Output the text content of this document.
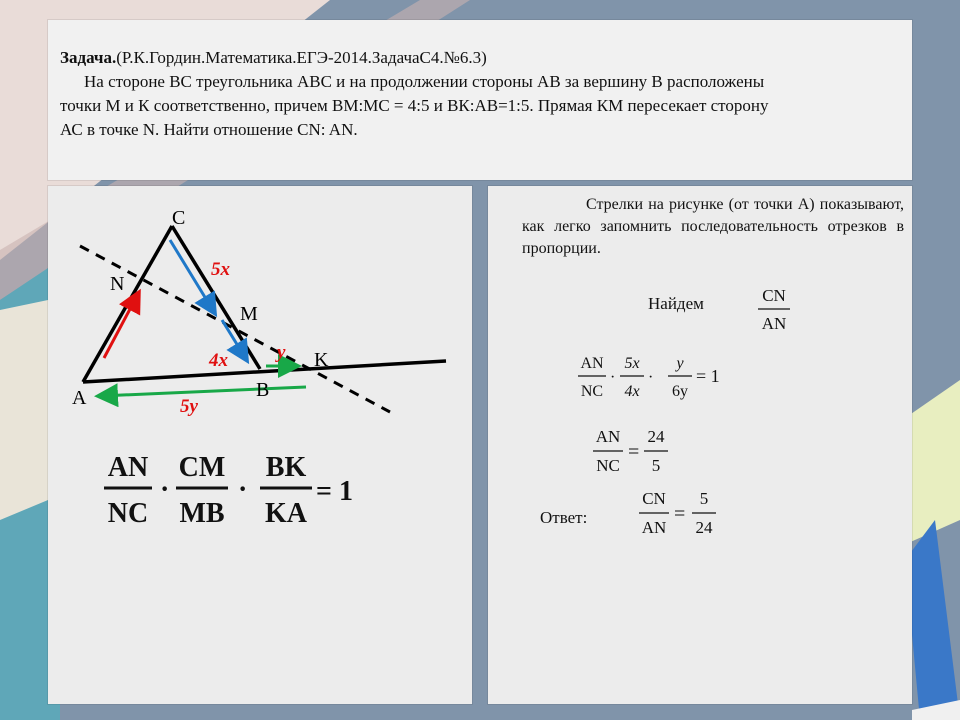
Задача.(Р.К.Гордин.Математика.ЕГЭ-2014.ЗадачаС4.№6.3)
На стороне ВС треугольника АВС и на продолжении стороны АВ за вершину В расположены
точки М и К соответственно, причем ВМ:МС = 4:5 и ВК:АВ=1:5. Прямая КМ пересекает сторону
АС в точке N. Найти отношение CN: AN.
C
N
M
K
A	B
5x
4x	y
5y
AN
NC
·
CM
MB
·
BK
KA
= 1
Стрелки на рисунке (от точки А) показывают, как легко запомнить последовательность отрезков в пропорции.
Найдем	CN
AN
AN
NC
·
5x
4x
·
y
6y
= 1
AN
NC
=
24
5
Ответ:
CN
AN
=
5
24
